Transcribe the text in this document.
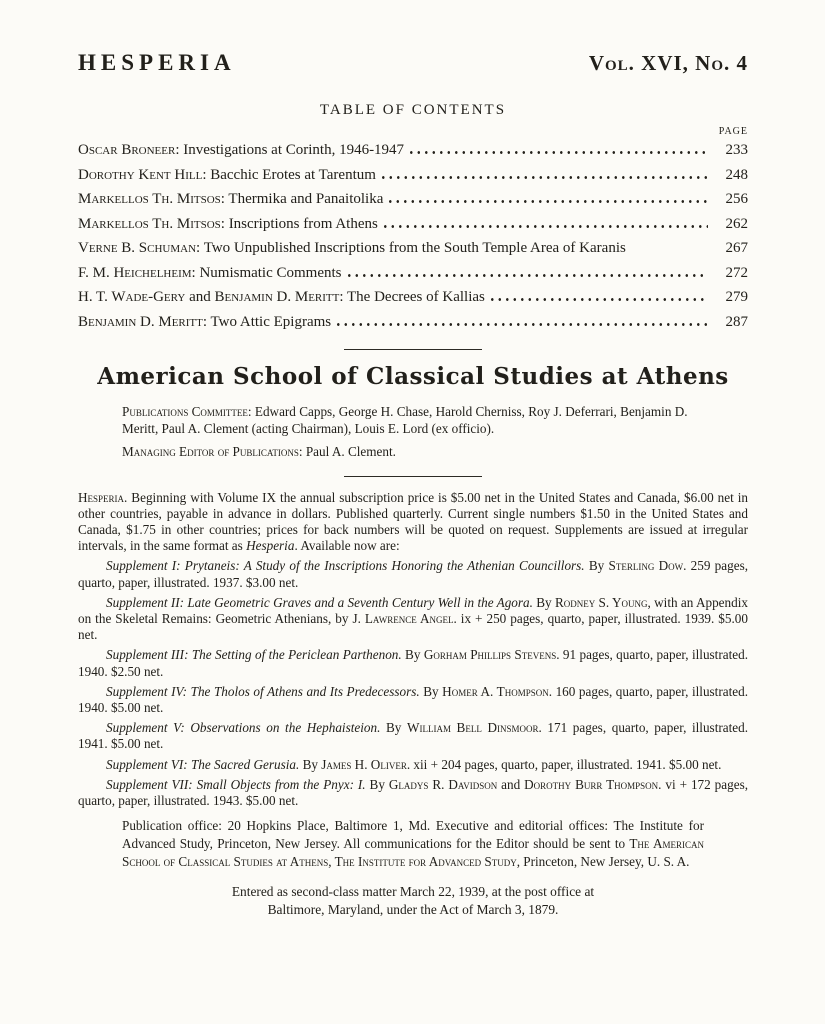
HESPERIA	Vol. XVI, No. 4
TABLE OF CONTENTS
PAGE
Oscar Broneer: Investigations at Corinth, 1946-1947	233
Dorothy Kent Hill: Bacchic Erotes at Tarentum	248
Markellos Th. Mitsos: Thermika and Panaitolika	256
Markellos Th. Mitsos: Inscriptions from Athens	262
Verne B. Schuman: Two Unpublished Inscriptions from the South Temple Area of Karanis	267
F. M. Heichelheim: Numismatic Comments	272
H. T. Wade-Gery and Benjamin D. Meritt: The Decrees of Kallias	279
Benjamin D. Meritt: Two Attic Epigrams	287
American School of Classical Studies at Athens

Publications Committee: Edward Capps, George H. Chase, Harold Cherniss, Roy J. Deferrari, Benjamin D. Meritt, Paul A. Clement (acting Chairman), Louis E. Lord (ex officio).

Managing Editor of Publications: Paul A. Clement.

Hesperia. Beginning with Volume IX the annual subscription price is $5.00 net in the United States and Canada, $6.00 net in other countries, payable in advance in dollars. Published quarterly. Current single numbers $1.50 in the United States and Canada, $1.75 in other countries; prices for back numbers will be quoted on request. Supplements are issued at irregular intervals, in the same format as Hesperia. Available now are:

Supplement I: Prytaneis: A Study of the Inscriptions Honoring the Athenian Councillors. By Sterling Dow. 259 pages, quarto, paper, illustrated. 1937. $3.00 net.

Supplement II: Late Geometric Graves and a Seventh Century Well in the Agora. By Rodney S. Young, with an Appendix on the Skeletal Remains: Geometric Athenians, by J. Lawrence Angel. ix + 250 pages, quarto, paper, illustrated. 1939. $5.00 net.

Supplement III: The Setting of the Periclean Parthenon. By Gorham Phillips Stevens. 91 pages, quarto, paper, illustrated. 1940. $2.50 net.

Supplement IV: The Tholos of Athens and Its Predecessors. By Homer A. Thompson. 160 pages, quarto, paper, illustrated. 1940. $5.00 net.

Supplement V: Observations on the Hephaisteion. By William Bell Dinsmoor. 171 pages, quarto, paper, illustrated. 1941. $5.00 net.

Supplement VI: The Sacred Gerusia. By James H. Oliver. xii + 204 pages, quarto, paper, illustrated. 1941. $5.00 net.

Supplement VII: Small Objects from the Pnyx: I. By Gladys R. Davidson and Dorothy Burr Thompson. vi + 172 pages, quarto, paper, illustrated. 1943. $5.00 net.

Publication office: 20 Hopkins Place, Baltimore 1, Md. Executive and editorial offices: The Institute for Advanced Study, Princeton, New Jersey. All communications for the Editor should be sent to The American School of Classical Studies at Athens, The Institute for Advanced Study, Princeton, New Jersey, U. S. A.

Entered as second-class matter March 22, 1939, at the post office at
Baltimore, Maryland, under the Act of March 3, 1879.
